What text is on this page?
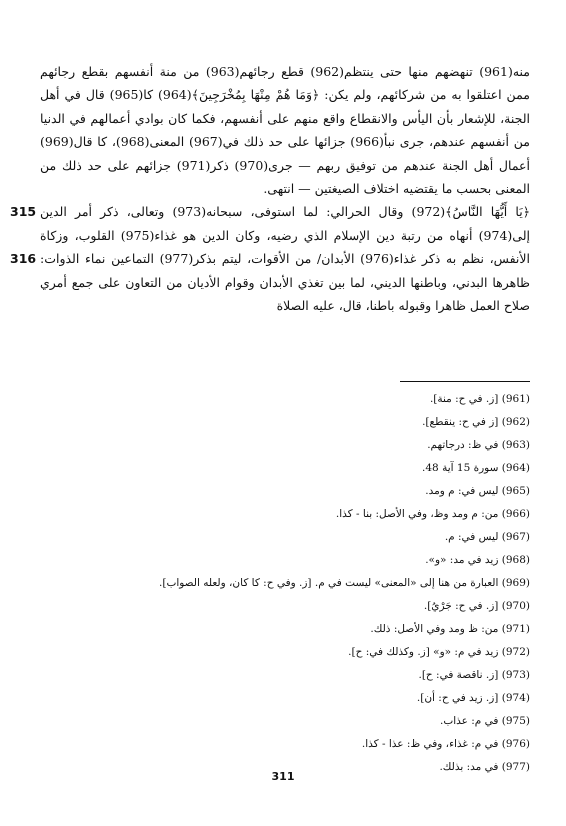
منه(961) تنهضهم منها حتى ينتظم(962) قطع رجائهم(963) من منة أنفسهم بقطع رجائهم ممن اعتلقوا به من شركائهم، ولم يكن: ﴿وَمَا هُمْ مِنْهَا بِمُخْرَجِينَ﴾(964) كا(965) قال في أهل الجنة، للإشعار بأن اليأس والانقطاع واقع منهم على أنفسهم، فكما كان بوادي أعمالهم في الدنيا من أنفسهم عندهم، جرى نبأ(966) جزائها على حد ذلك في(967) المعنى(968)، كا قال(969) أعمال أهل الجنة عندهم من توفيق ربهم — جرى(970) ذكر(971) جزائهم على حد ذلك من المعنى بحسب ما يقتضيه اختلاف الصيغتين — انتهى.

315
316

﴿يَا أَيُّهَا النَّاسُ﴾(972) وقال الحرالي: لما استوفى، سبحانه(973) وتعالى، ذكر أمر الدين إلى(974) أنهاه من رتبة دين الإسلام الذي رضيه، وكان الدين هو غذاء(975) القلوب، وزكاة الأنفس، نظم به ذكر غذاء(976) الأبدان/ من الأقوات، ليتم بذكر(977) التماعين نماء الذوات: ظاهرها البدني، وباطنها الديني، لما بين تغذي الأبدان وقوام الأديان من التعاون على جمع أمري صلاح العمل ظاهرا وقبوله باطنا، قال، عليه الصلاة

(961) [ز. في ح: منة].
(962) [ز في ح: ينقطع].
(963) في ظ: درجاتهم.
(964) سورة 15 آية 48.
(965) ليس في: م ومد.
(966) من: م ومد وظ، وفي الأصل: بنا - كذا.
(967) ليس في: م.
(968) زيد في مد: «و».
(969) العبارة من هنا إلى «المعنى» ليست في م. [ز. وفي ح: كا كان، ولعله الصواب].
(970) [ز. في ح: جَرْيُ].
(971) من: ظ ومد وفي الأصل: ذلك.
(972) زيد في م: «و» [ز. وكذلك في: ح].
(973) [ز. ناقصة في: ح].
(974) [ز. زيد في ح: أن].
(975) في م: عذاب.
(976) في م: غذاء، وفي ظ: عذا - كذا.
(977) في مد: بذلك.
311
